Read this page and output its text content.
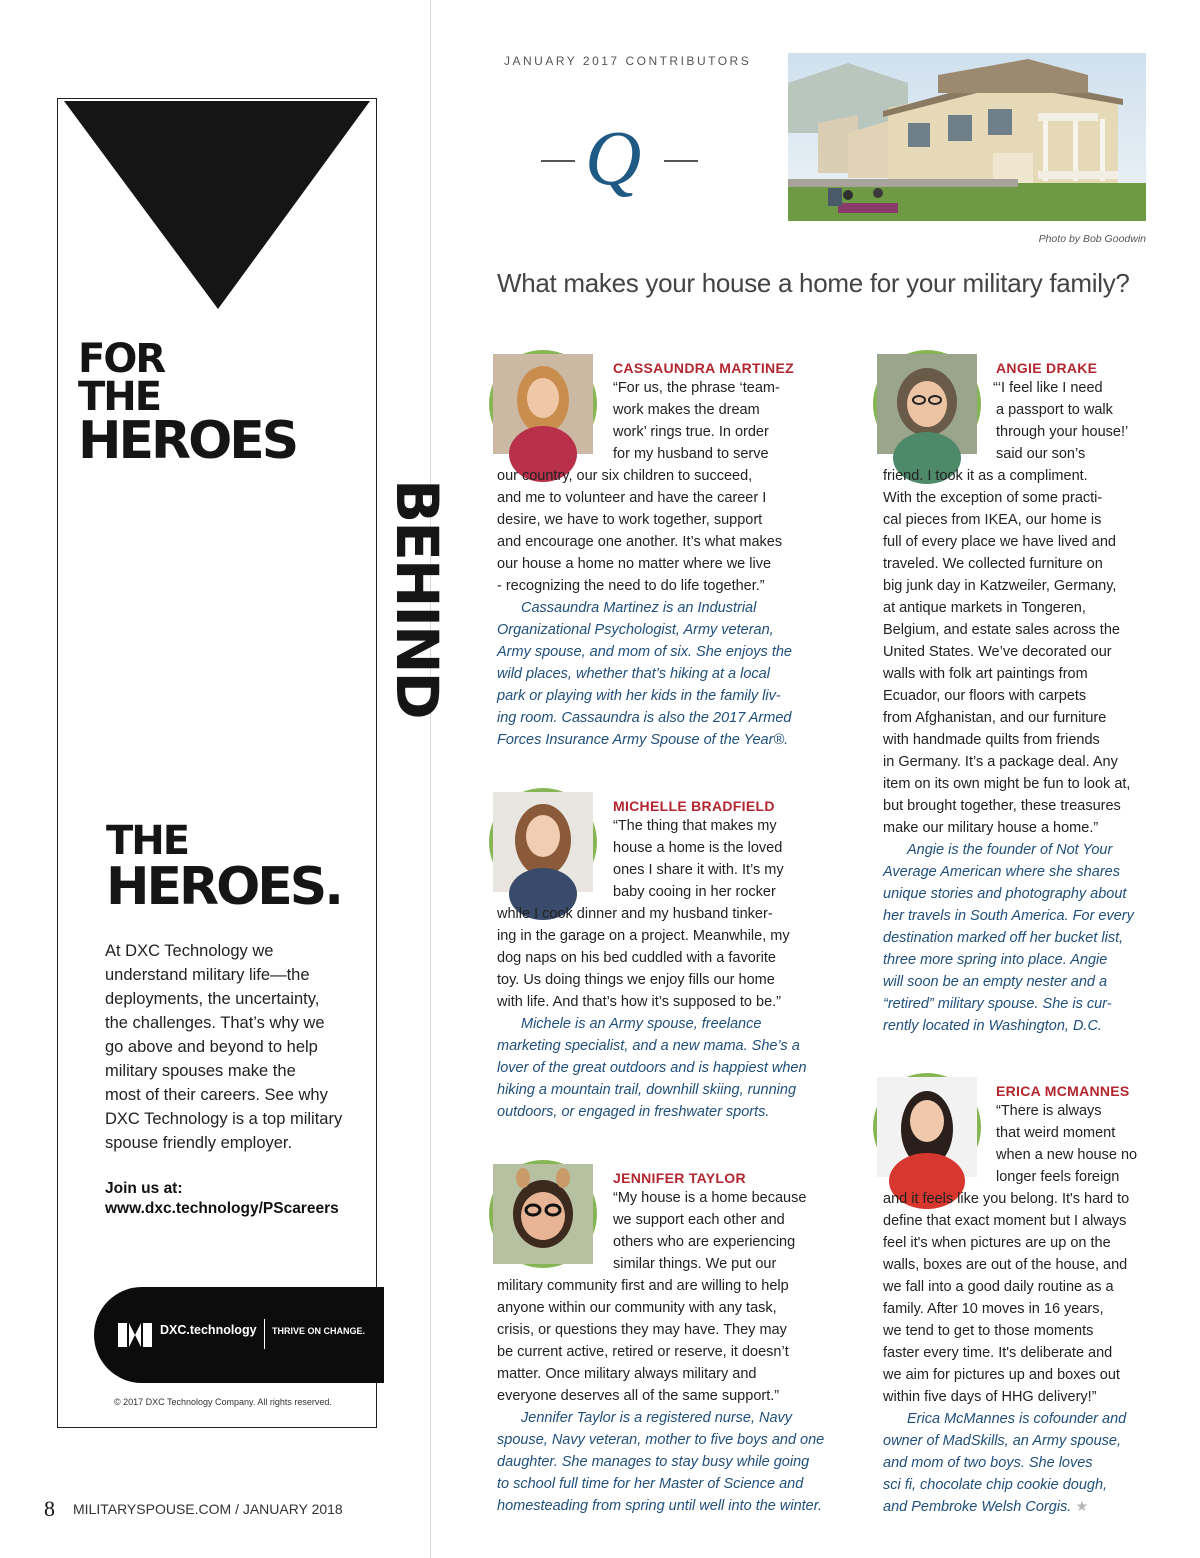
FOR
THE
HEROES
BEHIND
THE
HEROES.
At DXC Technology we
understand military life—the
deployments, the uncertainty,
the challenges. That’s why we
go above and beyond to help
military spouses make the
most of their careers. See why
DXC Technology is a top military
spouse friendly employer.
Join us at:
www.dxc.technology/PScareers
DXC.technology THRIVE ON CHANGE.
© 2017 DXC Technology Company. All rights reserved.
8 MILITARYSPOUSE.COM / JANUARY 2018
JANUARY 2017 CONTRIBUTORS
Q
Photo by Bob Goodwin
What makes your house a home for your military family?
CASSAUNDRA MARTINEZ
“For us, the phrase ‘team-
work makes the dream
work’ rings true. In order
for my husband to serve
our country, our six children to succeed,
and me to volunteer and have the career I
desire, we have to work together, support
and encourage one another. It’s what makes
our house a home no matter where we live
- recognizing the need to do life together.”
Cassaundra Martinez is an Industrial
Organizational Psychologist, Army veteran,
Army spouse, and mom of six. She enjoys the
wild places, whether that’s hiking at a local
park or playing with her kids in the family liv-
ing room. Cassaundra is also the 2017 Armed
Forces Insurance Army Spouse of the Year®.
MICHELLE BRADFIELD
“The thing that makes my
house a home is the loved
ones I share it with. It’s my
baby cooing in her rocker
while I cook dinner and my husband tinker-
ing in the garage on a project. Meanwhile, my
dog naps on his bed cuddled with a favorite
toy. Us doing things we enjoy fills our home
with life. And that’s how it’s supposed to be.”
Michele is an Army spouse, freelance
marketing specialist, and a new mama. She’s a
lover of the great outdoors and is happiest when
hiking a mountain trail, downhill skiing, running
outdoors, or engaged in freshwater sports.
JENNIFER TAYLOR
“My house is a home because
we support each other and
others who are experiencing
similar things. We put our
military community first and are willing to help
anyone within our community with any task,
crisis, or questions they may have. They may
be current active, retired or reserve, it doesn’t
matter. Once military always military and
everyone deserves all of the same support.”
Jennifer Taylor is a registered nurse, Navy
spouse, Navy veteran, mother to five boys and one
daughter. She manages to stay busy while going
to school full time for her Master of Science and
homesteading from spring until well into the winter.
ANGIE DRAKE
“‘I feel like I need
a passport to walk
through your house!’
said our son’s
friend. I took it as a compliment.
With the exception of some practi-
cal pieces from IKEA, our home is
full of every place we have lived and
traveled. We collected furniture on
big junk day in Katzweiler, Germany,
at antique markets in Tongeren,
Belgium, and estate sales across the
United States. We’ve decorated our
walls with folk art paintings from
Ecuador, our floors with carpets
from Afghanistan, and our furniture
with handmade quilts from friends
in Germany. It’s a package deal. Any
item on its own might be fun to look at,
but brought together, these treasures
make our military house a home.”
Angie is the founder of Not Your
Average American where she shares
unique stories and photography about
her travels in South America. For every
destination marked off her bucket list,
three more spring into place. Angie
will soon be an empty nester and a
“retired” military spouse. She is cur-
rently located in Washington, D.C.
ERICA MCMANNES
“There is always
that weird moment
when a new house no
longer feels foreign
and it feels like you belong. It's hard to
define that exact moment but I always
feel it's when pictures are up on the
walls, boxes are out of the house, and
we fall into a good daily routine as a
family. After 10 moves in 16 years,
we tend to get to those moments
faster every time. It's deliberate and
we aim for pictures up and boxes out
within five days of HHG delivery!”
Erica McMannes is cofounder and
owner of MadSkills, an Army spouse,
and mom of two boys. She loves
sci fi, chocolate chip cookie dough,
and Pembroke Welsh Corgis. ★
